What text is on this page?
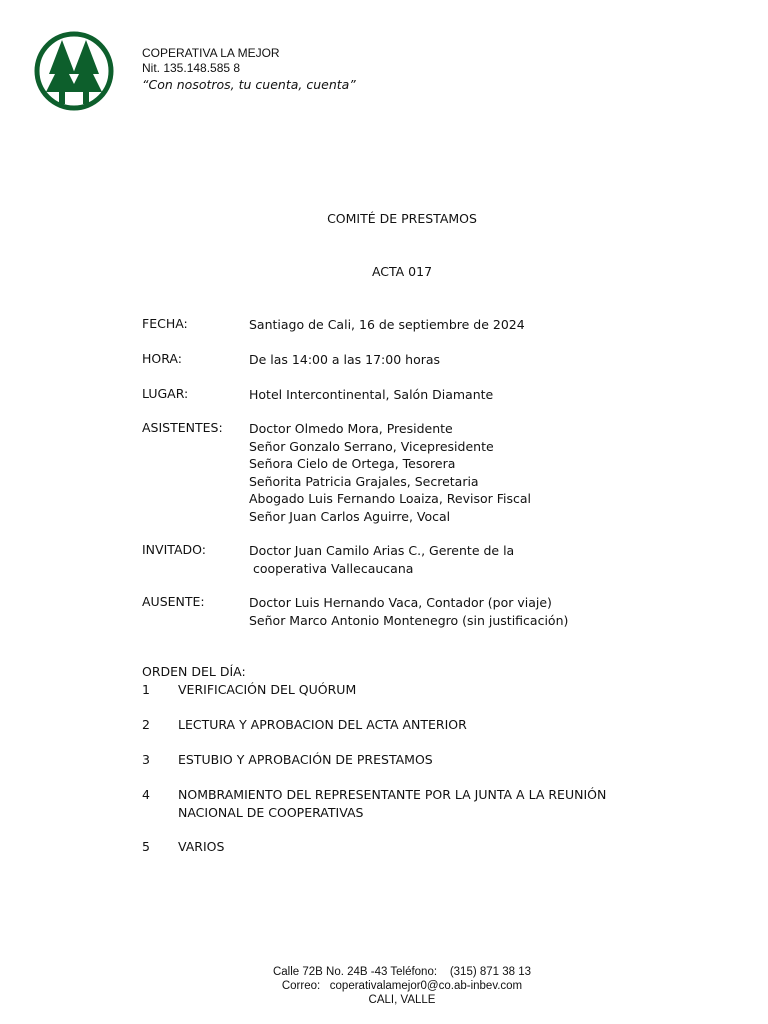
COPERATIVA LA MEJOR
Nit. 135.148.585 8
“Con nosotros, tu cuenta, cuenta”
COMITÉ DE PRESTAMOS
ACTA 017
FECHA:	Santiago de Cali, 16 de septiembre de 2024
HORA:	De las 14:00 a las 17:00 horas
LUGAR:	Hotel Intercontinental, Salón Diamante
ASISTENTES: Doctor Olmedo Mora, Presidente
Señor Gonzalo Serrano, Vicepresidente
Señora Cielo de Ortega, Tesorera
Señorita Patricia Grajales, Secretaria
Abogado Luis Fernando Loaiza, Revisor Fiscal
Señor Juan Carlos Aguirre, Vocal
INVITADO:	Doctor Juan Camilo Arias C., Gerente de la
cooperativa Vallecaucana
AUSENTE:	Doctor Luis Hernando Vaca, Contador (por viaje)
Señor Marco Antonio Montenegro (sin justificación)
ORDEN DEL DÍA:
1 VERIFICACIÓN DEL QUÓRUM
2 LECTURA Y APROBACION DEL ACTA ANTERIOR
3 ESTUBIO Y APROBACIÓN DE PRESTAMOS
4 NOMBRAMIENTO DEL REPRESENTANTE POR LA JUNTA A LA REUNIÓN NACIONAL DE COOPERATIVAS
5 VARIOS
Calle 72B No. 24B -43 Teléfono:    (315) 871 38 13
Correo:   coperativalamejor0@co.ab-inbev.com
CALI, VALLE
